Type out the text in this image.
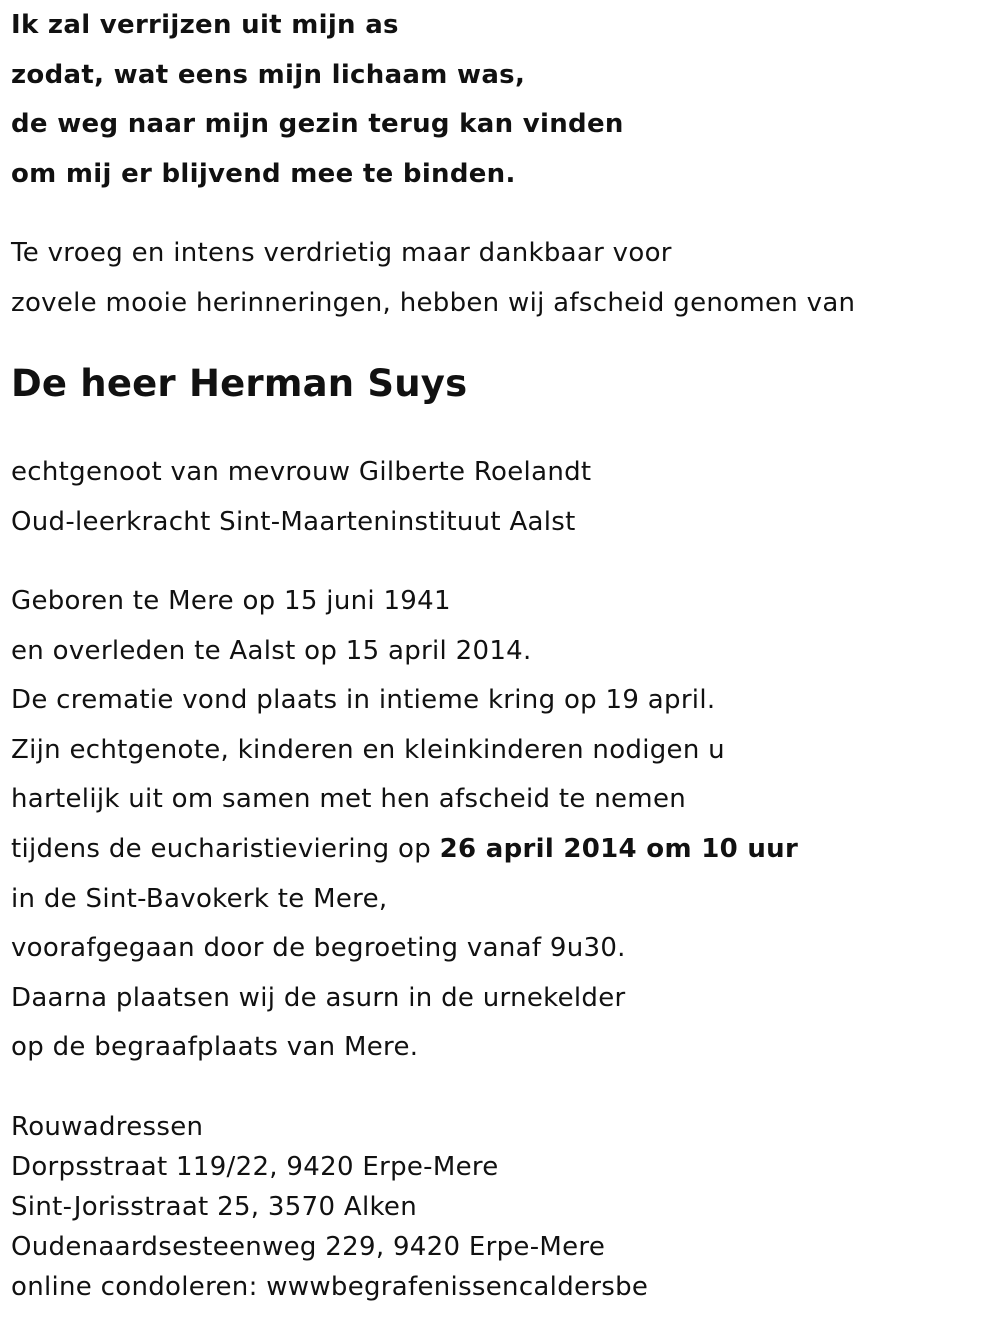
Ik zal verrijzen uit mijn as
zodat, wat eens mijn lichaam was,
de weg naar mijn gezin terug kan vinden
om mij er blijvend mee te binden.
Te vroeg en intens verdrietig maar dankbaar voor
zovele mooie herinneringen, hebben wij afscheid genomen van
De heer Herman Suys
echtgenoot van mevrouw Gilberte Roelandt
Oud-leerkracht Sint-Maarteninstituut Aalst
Geboren te Mere op 15 juni 1941
en overleden te Aalst op 15 april 2014.
De crematie vond plaats in intieme kring op 19 april.
Zijn echtgenote, kinderen en kleinkinderen nodigen u
hartelijk uit om samen met hen afscheid te nemen
tijdens de eucharistieviering op 26 april 2014 om 10 uur
in de Sint-Bavokerk te Mere,
voorafgegaan door de begroeting vanaf 9u30.
Daarna plaatsen wij de asurn in de urnekelder
op de begraafplaats van Mere.
Rouwadressen
Dorpsstraat 119/22, 9420 Erpe-Mere
Sint-Jorisstraat 25, 3570 Alken
Oudenaardsesteenweg 229, 9420 Erpe-Mere
online condoleren: wwwbegrafenissencaldersbe
